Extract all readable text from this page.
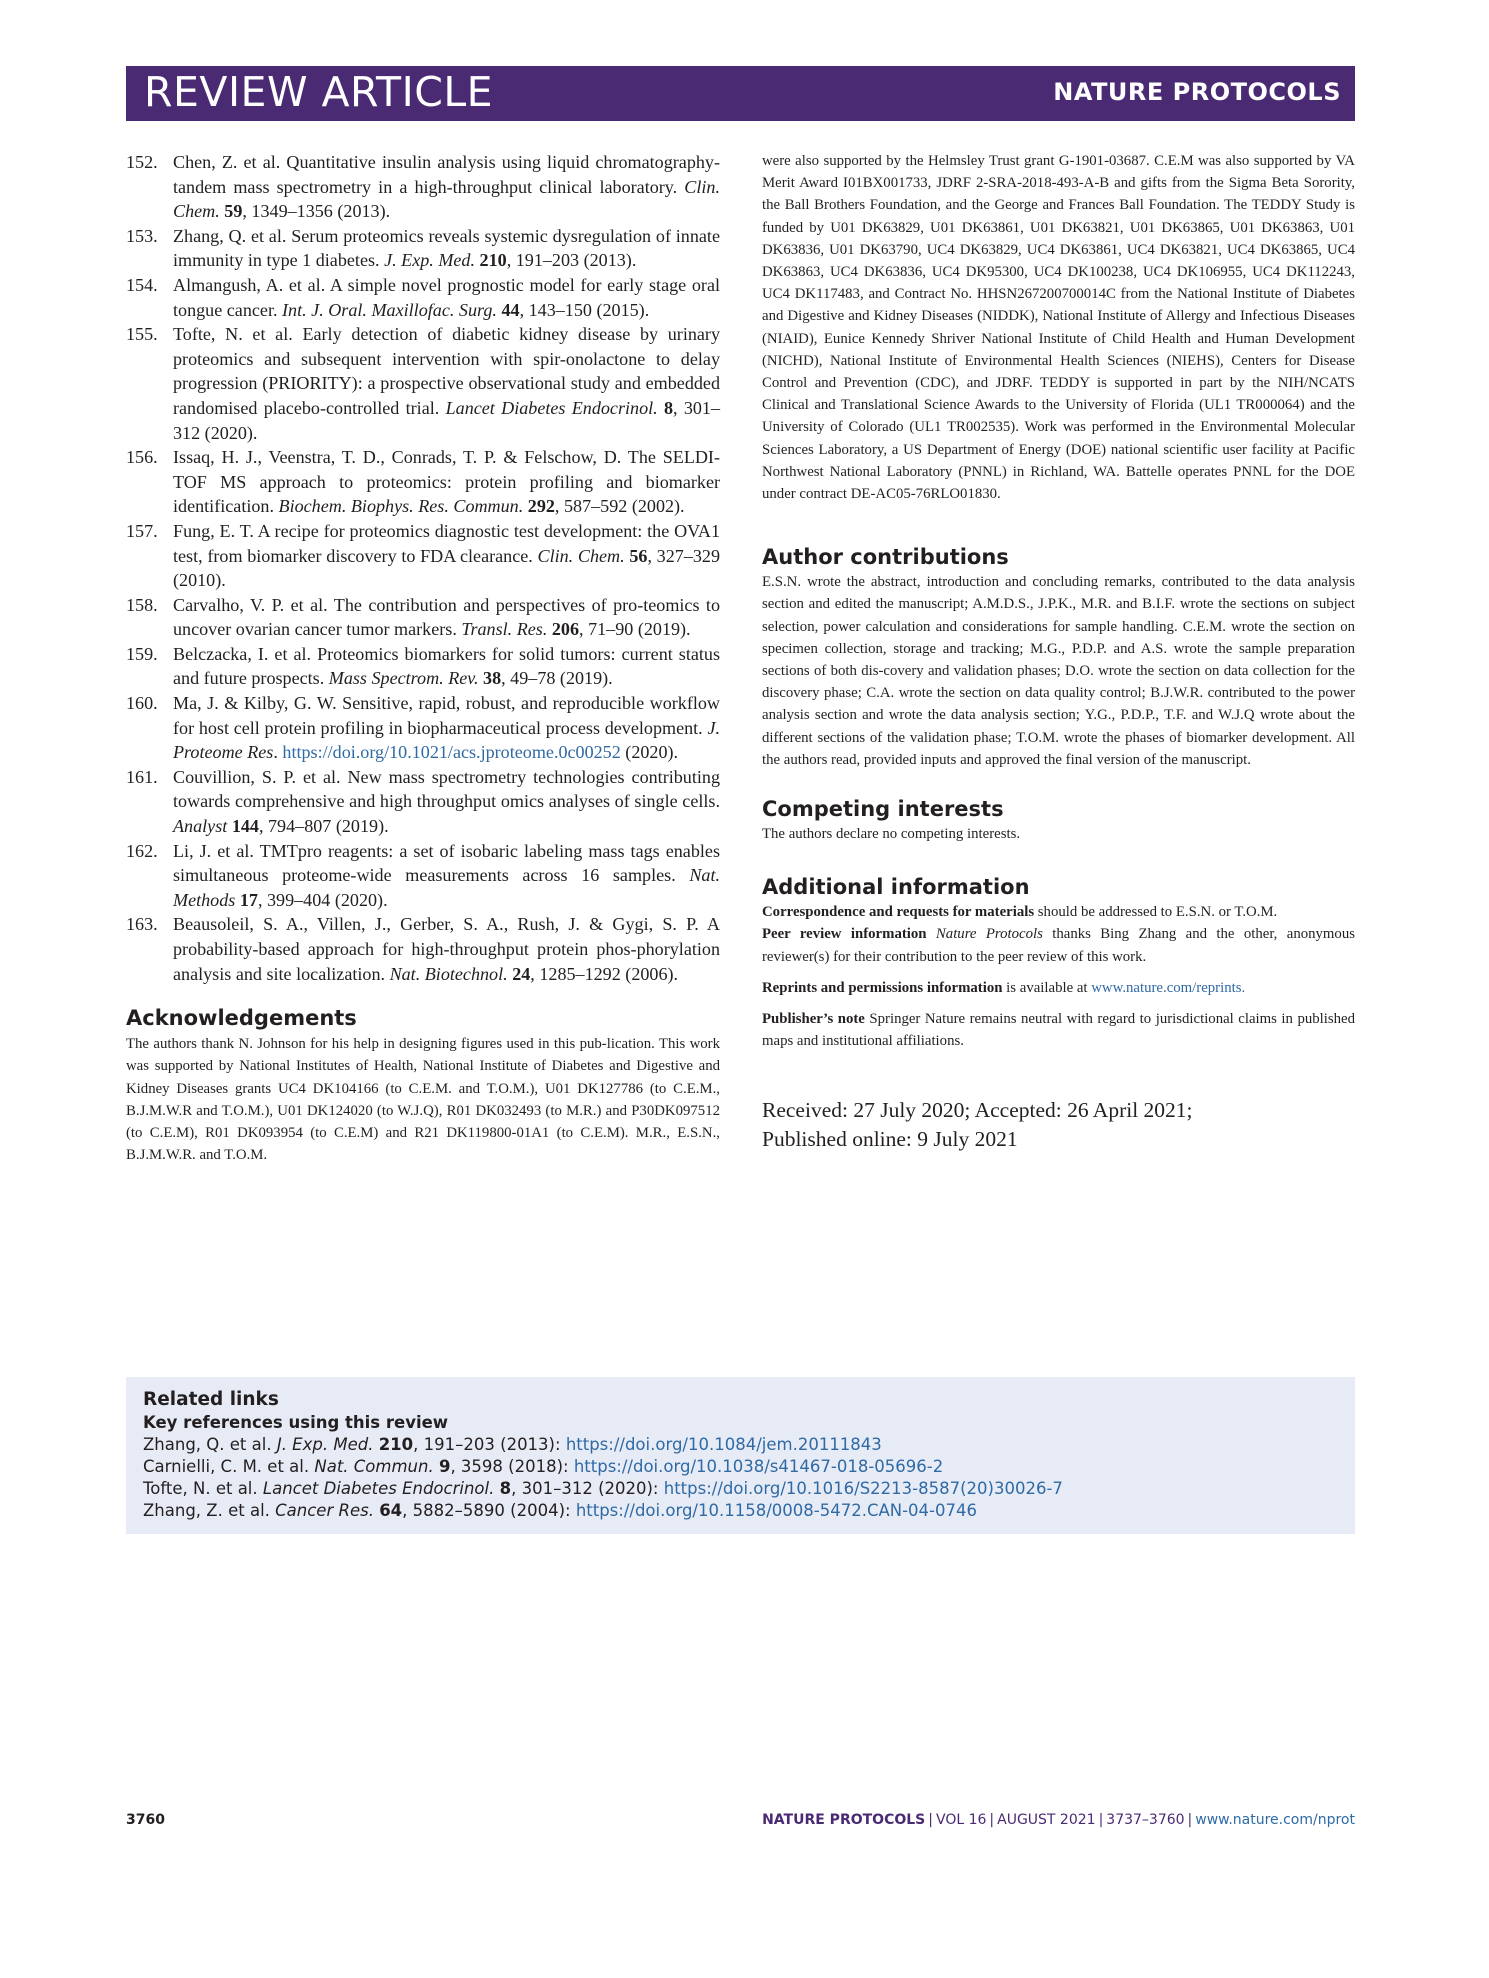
REVIEW ARTICLE	NATURE PROTOCOLS

152. Chen, Z. et al. Quantitative insulin analysis using liquid chromatography-tandem mass spectrometry in a high-throughput clinical laboratory. Clin. Chem. 59, 1349–1356 (2013).

153. Zhang, Q. et al. Serum proteomics reveals systemic dysregulation of innate immunity in type 1 diabetes. J. Exp. Med. 210, 191–203 (2013).

154. Almangush, A. et al. A simple novel prognostic model for early stage oral tongue cancer. Int. J. Oral. Maxillofac. Surg. 44, 143–150 (2015).

155. Tofte, N. et al. Early detection of diabetic kidney disease by urinary proteomics and subsequent intervention with spir-onolactone to delay progression (PRIORITY): a prospective observational study and embedded randomised placebo-controlled trial. Lancet Diabetes Endocrinol. 8, 301–312 (2020).

156. Issaq, H. J., Veenstra, T. D., Conrads, T. P. & Felschow, D. The SELDI-TOF MS approach to proteomics: protein profiling and biomarker identification. Biochem. Biophys. Res. Commun. 292, 587–592 (2002).

157. Fung, E. T. A recipe for proteomics diagnostic test development: the OVA1 test, from biomarker discovery to FDA clearance. Clin. Chem. 56, 327–329 (2010).

158. Carvalho, V. P. et al. The contribution and perspectives of pro-teomics to uncover ovarian cancer tumor markers. Transl. Res. 206, 71–90 (2019).

159. Belczacka, I. et al. Proteomics biomarkers for solid tumors: current status and future prospects. Mass Spectrom. Rev. 38, 49–78 (2019).

160. Ma, J. & Kilby, G. W. Sensitive, rapid, robust, and reproducible workflow for host cell protein profiling in biopharmaceutical process development. J. Proteome Res. https://doi.org/10.1021/acs.jproteome.0c00252 (2020).

161. Couvillion, S. P. et al. New mass spectrometry technologies contributing towards comprehensive and high throughput omics analyses of single cells. Analyst 144, 794–807 (2019).

162. Li, J. et al. TMTpro reagents: a set of isobaric labeling mass tags enables simultaneous proteome-wide measurements across 16 samples. Nat. Methods 17, 399–404 (2020).

163. Beausoleil, S. A., Villen, J., Gerber, S. A., Rush, J. & Gygi, S. P. A probability-based approach for high-throughput protein phos-phorylation analysis and site localization. Nat. Biotechnol. 24, 1285–1292 (2006).

Acknowledgements

The authors thank N. Johnson for his help in designing figures used in this pub-lication. This work was supported by National Institutes of Health, National Institute of Diabetes and Digestive and Kidney Diseases grants UC4 DK104166 (to C.E.M. and T.O.M.), U01 DK127786 (to C.E.M., B.J.M.W.R and T.O.M.), U01 DK124020 (to W.J.Q), R01 DK032493 (to M.R.) and P30DK097512 (to C.E.M), R01 DK093954 (to C.E.M) and R21 DK119800-01A1 (to C.E.M). M.R., E.S.N., B.J.M.W.R. and T.O.M.

were also supported by the Helmsley Trust grant G-1901-03687. C.E.M was also supported by VA Merit Award I01BX001733, JDRF 2-SRA-2018-493-A-B and gifts from the Sigma Beta Sorority, the Ball Brothers Foundation, and the George and Frances Ball Foundation. The TEDDY Study is funded by U01 DK63829, U01 DK63861, U01 DK63821, U01 DK63865, U01 DK63863, U01 DK63836, U01 DK63790, UC4 DK63829, UC4 DK63861, UC4 DK63821, UC4 DK63865, UC4 DK63863, UC4 DK63836, UC4 DK95300, UC4 DK100238, UC4 DK106955, UC4 DK112243, UC4 DK117483, and Contract No. HHSN267200700014C from the National Institute of Diabetes and Digestive and Kidney Diseases (NIDDK), National Institute of Allergy and Infectious Diseases (NIAID), Eunice Kennedy Shriver National Institute of Child Health and Human Development (NICHD), National Institute of Environmental Health Sciences (NIEHS), Centers for Disease Control and Prevention (CDC), and JDRF. TEDDY is supported in part by the NIH/NCATS Clinical and Translational Science Awards to the University of Florida (UL1 TR000064) and the University of Colorado (UL1 TR002535). Work was performed in the Environmental Molecular Sciences Laboratory, a US Department of Energy (DOE) national scientific user facility at Pacific Northwest National Laboratory (PNNL) in Richland, WA. Battelle operates PNNL for the DOE under contract DE-AC05-76RLO01830.

Author contributions

E.S.N. wrote the abstract, introduction and concluding remarks, contributed to the data analysis section and edited the manuscript; A.M.D.S., J.P.K., M.R. and B.I.F. wrote the sections on subject selection, power calculation and considerations for sample handling. C.E.M. wrote the section on specimen collection, storage and tracking; M.G., P.D.P. and A.S. wrote the sample preparation sections of both dis-covery and validation phases; D.O. wrote the section on data collection for the discovery phase; C.A. wrote the section on data quality control; B.J.W.R. contributed to the power analysis section and wrote the data analysis section; Y.G., P.D.P., T.F. and W.J.Q wrote about the different sections of the validation phase; T.O.M. wrote the phases of biomarker development. All the authors read, provided inputs and approved the final version of the manuscript.

Competing interests

The authors declare no competing interests.

Additional information

Correspondence and requests for materials should be addressed to E.S.N. or T.O.M.

Peer review information Nature Protocols thanks Bing Zhang and the other, anonymous reviewer(s) for their contribution to the peer review of this work.

Reprints and permissions information is available at www.nature.com/reprints.

Publisher’s note Springer Nature remains neutral with regard to jurisdictional claims in published maps and institutional affiliations.

Received: 27 July 2020; Accepted: 26 April 2021;

Published online: 9 July 2021

Related links

Key references using this review

Zhang, Q. et al. J. Exp. Med. 210, 191–203 (2013): https://doi.org/10.1084/jem.20111843

Carnielli, C. M. et al. Nat. Commun. 9, 3598 (2018): https://doi.org/10.1038/s41467-018-05696-2

Tofte, N. et al. Lancet Diabetes Endocrinol. 8, 301–312 (2020): https://doi.org/10.1016/S2213-8587(20)30026-7

Zhang, Z. et al. Cancer Res. 64, 5882–5890 (2004): https://doi.org/10.1158/0008-5472.CAN-04-0746

3760	NATURE PROTOCOLS | VOL 16 | AUGUST 2021 | 3737–3760 | www.nature.com/nprot
